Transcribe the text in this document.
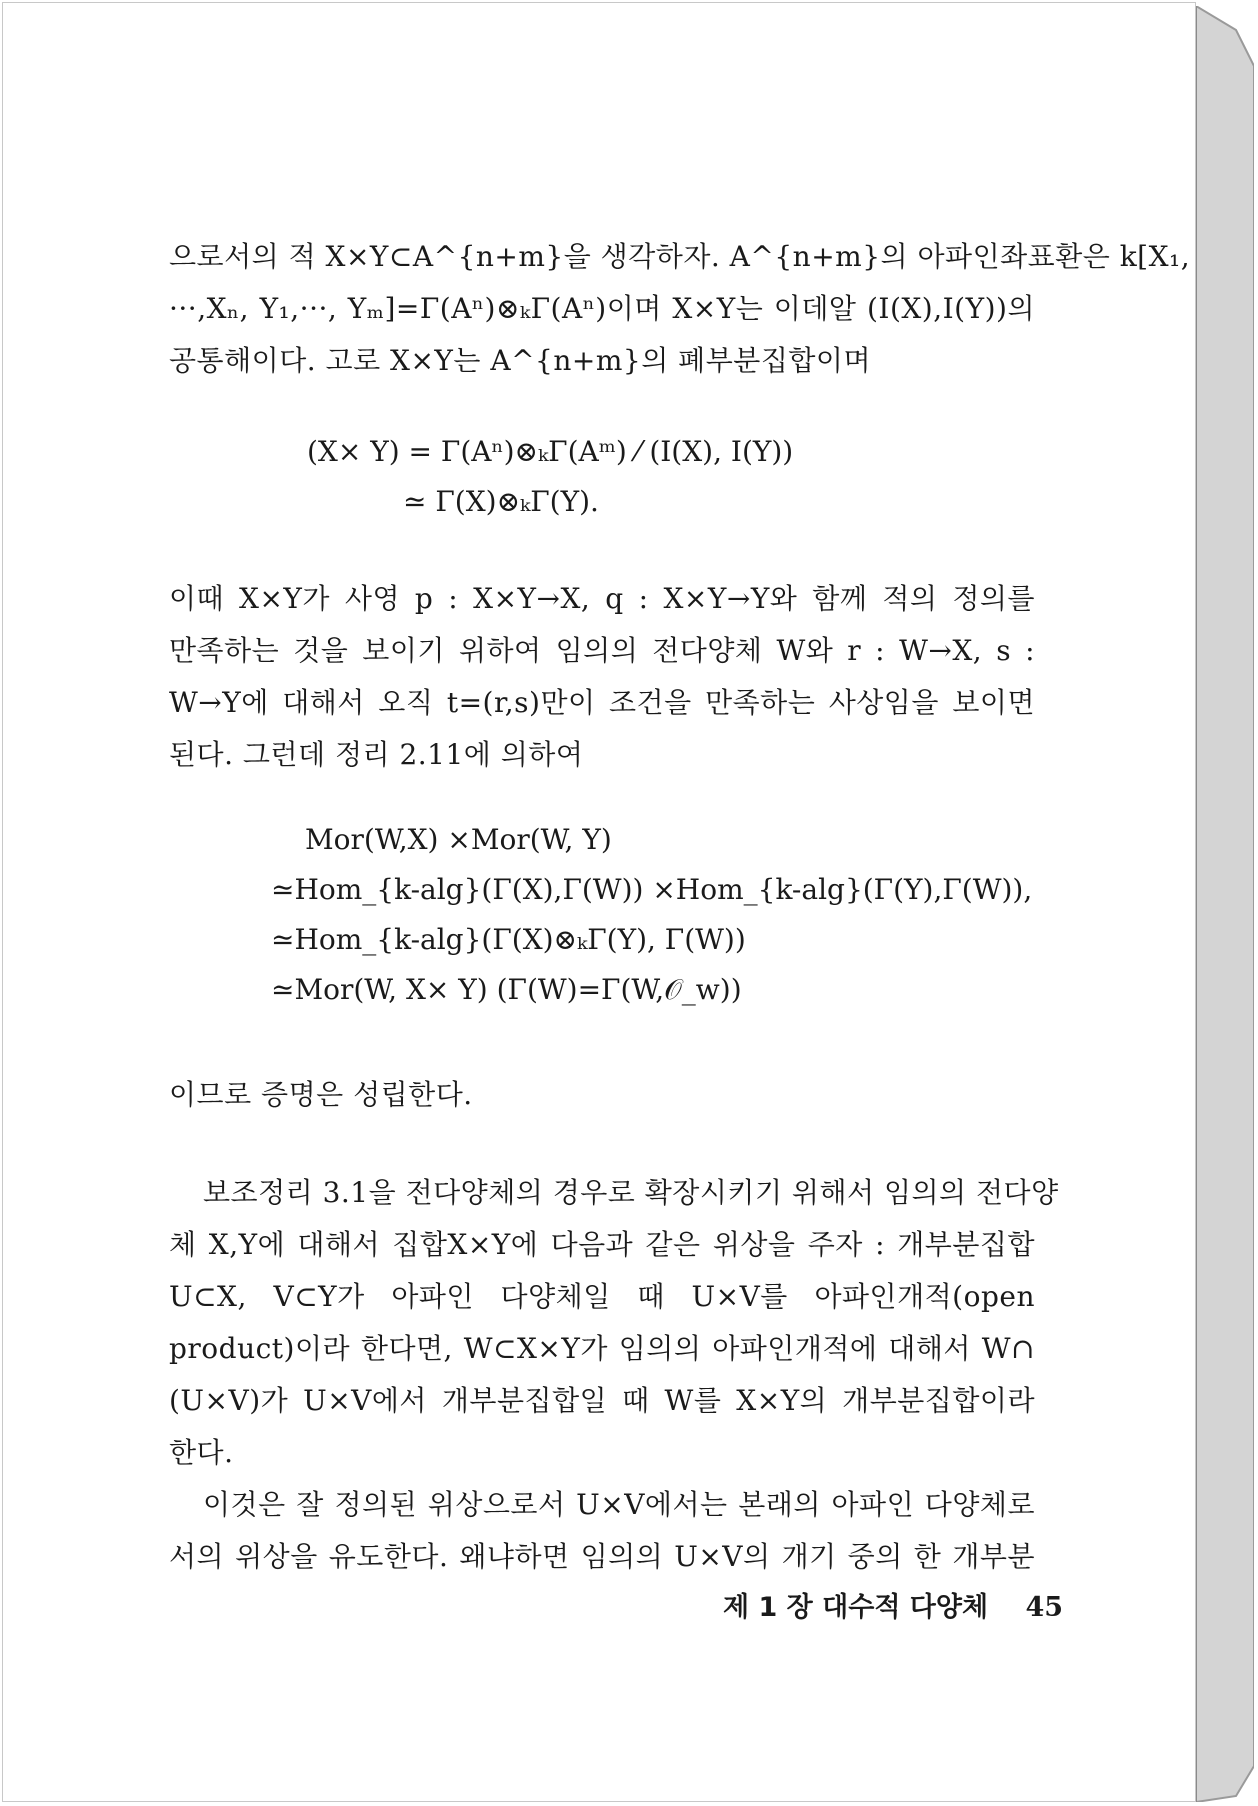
으로서의 적 X×Y⊂A^{n+m}을 생각하자. A^{n+m}의 아파인좌표환은 k[X₁,
···,Xₙ, Y₁,···, Yₘ]=Γ(Aⁿ)⊗ₖΓ(Aⁿ)이며 X×Y는 이데알 (I(X),I(Y))의
공통해이다. 고로 X×Y는 A^{n+m}의 폐부분집합이며
(X× Y) = Γ(Aⁿ)⊗ₖΓ(Aᵐ) ⁄ (I(X), I(Y))
≃ Γ(X)⊗ₖΓ(Y).
이때 X×Y가 사영 p : X×Y→X, q : X×Y→Y와 함께 적의 정의를
만족하는 것을 보이기 위하여 임의의 전다양체 W와 r : W→X, s :
W→Y에 대해서 오직 t=(r,s)만이 조건을 만족하는 사상임을 보이면
된다. 그런데 정리 2.11에 의하여
Mor(W,X) ×Mor(W, Y)
≃Hom_{k-alg}(Γ(X),Γ(W)) ×Hom_{k-alg}(Γ(Y),Γ(W)),
≃Hom_{k-alg}(Γ(X)⊗ₖΓ(Y), Γ(W))
≃Mor(W, X× Y) (Γ(W)=Γ(W,𝒪_w))
이므로 증명은 성립한다.
보조정리 3.1을 전다양체의 경우로 확장시키기 위해서 임의의 전다양
체 X,Y에 대해서 집합X×Y에 다음과 같은 위상을 주자 : 개부분집합
U⊂X, V⊂Y가 아파인 다양체일 때 U×V를 아파인개적(open
product)이라 한다면, W⊂X×Y가 임의의 아파인개적에 대해서 W∩
(U×V)가 U×V에서 개부분집합일 때 W를 X×Y의 개부분집합이라
한다.
이것은 잘 정의된 위상으로서 U×V에서는 본래의 아파인 다양체로
서의 위상을 유도한다. 왜냐하면 임의의 U×V의 개기 중의 한 개부분
제 1 장 대수적 다양체 45
